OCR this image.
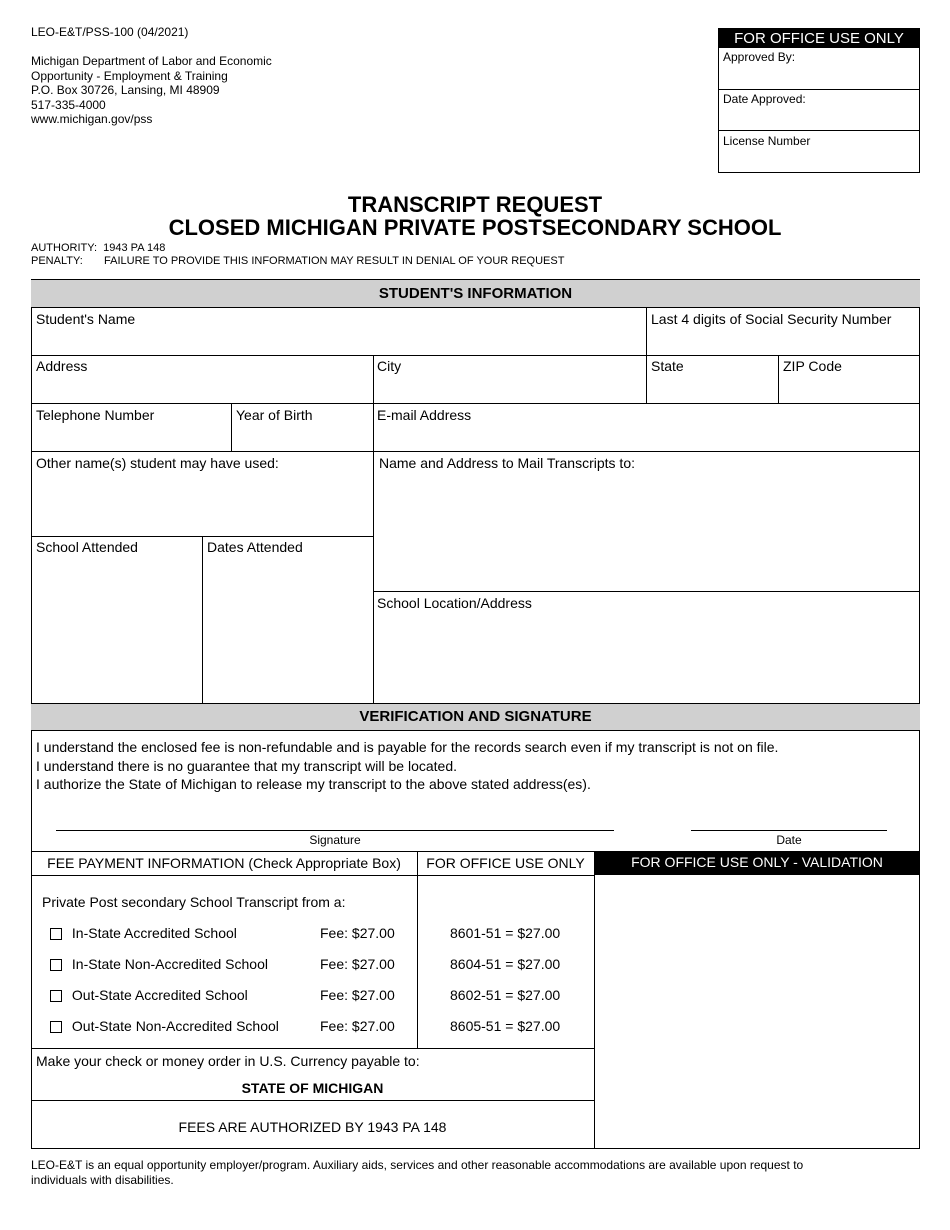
LEO-E&T/PSS-100 (04/2021)
Michigan Department of Labor and Economic
Opportunity - Employment & Training
P.O. Box 30726, Lansing, MI 48909
517-335-4000
www.michigan.gov/pss
FOR OFFICE USE ONLY
Approved By:
Date Approved:
License Number
TRANSCRIPT REQUEST
CLOSED MICHIGAN PRIVATE POSTSECONDARY SCHOOL
AUTHORITY: 1943 PA 148
PENALTY: FAILURE TO PROVIDE THIS INFORMATION MAY RESULT IN DENIAL OF YOUR REQUEST
STUDENT'S INFORMATION
Student's Name	Last 4 digits of Social Security Number
Address	City	State	ZIP Code
Telephone Number	Year of Birth	E-mail Address
Other name(s) student may have used:	Name and Address to Mail Transcripts to:
School Attended	Dates Attended
School Location/Address
VERIFICATION AND SIGNATURE
I understand the enclosed fee is non-refundable and is payable for the records search even if my transcript is not on file.
I understand there is no guarantee that my transcript will be located.
I authorize the State of Michigan to release my transcript to the above stated address(es).
Signature	Date
FOR OFFICE USE ONLY - VALIDATION
FEE PAYMENT INFORMATION (Check Appropriate Box)	FOR OFFICE USE ONLY
Private Post secondary School Transcript from a:
In-State Accredited School	Fee: $27.00	8601-51 = $27.00
In-State Non-Accredited School	Fee: $27.00	8604-51 = $27.00
Out-State Accredited School	Fee: $27.00	8602-51 = $27.00
Out-State Non-Accredited School	Fee: $27.00	8605-51 = $27.00
Make your check or money order in U.S. Currency payable to:
STATE OF MICHIGAN
FEES ARE AUTHORIZED BY 1943 PA 148
LEO-E&T is an equal opportunity employer/program. Auxiliary aids, services and other reasonable accommodations are available upon request to
individuals with disabilities.
